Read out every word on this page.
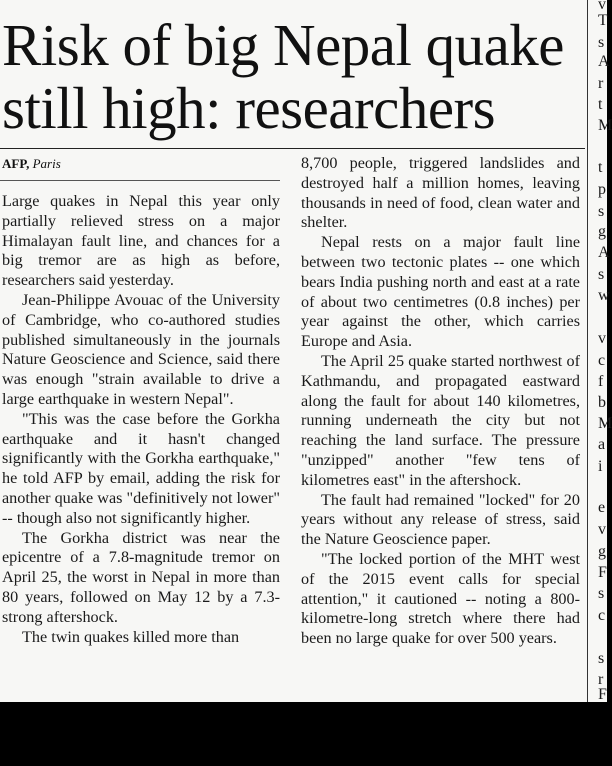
Risk of big Nepal quake
still high: researchers
AFP, Paris

Large quakes in Nepal this year only partially relieved stress on a major Himalayan fault line, and chances for a big tremor are as high as before, researchers said yesterday.

Jean-Philippe Avouac of the University of Cambridge, who co-authored studies published simultaneously in the journals Nature Geoscience and Science, said there was enough "strain available to drive a large earthquake in western Nepal".

"This was the case before the Gorkha earthquake and it hasn't changed significantly with the Gorkha earthquake," he told AFP by email, adding the risk for another quake was "definitively not lower" -- though also not significantly higher.

The Gorkha district was near the epicentre of a 7.8-magnitude tremor on April 25, the worst in Nepal in more than 80 years, followed on May 12 by a 7.3-strong aftershock.

The twin quakes killed more than

8,700 people, triggered landslides and destroyed half a million homes, leaving thousands in need of food, clean water and shelter.

Nepal rests on a major fault line between two tectonic plates -- one which bears India pushing north and east at a rate of about two centimetres (0.8 inches) per year against the other, which carries Europe and Asia.

The April 25 quake started northwest of Kathmandu, and propagated eastward along the fault for about 140 kilometres, running underneath the city but not reaching the land surface. The pressure "unzipped" another "few tens of kilometres east" in the aftershock.

The fault had remained "locked" for 20 years without any release of stress, said the Nature Geoscience paper.

"The locked portion of the MHT west of the 2015 event calls for special attention," it cautioned -- noting a 800-kilometre-long stretch where there had been no large quake for over 500 years.

v
T
s
A
r
t
M
t
p
s
g
A
s
w
v
c
f
b
M
a
i
e
v
g
F
s
c
s
r
F
